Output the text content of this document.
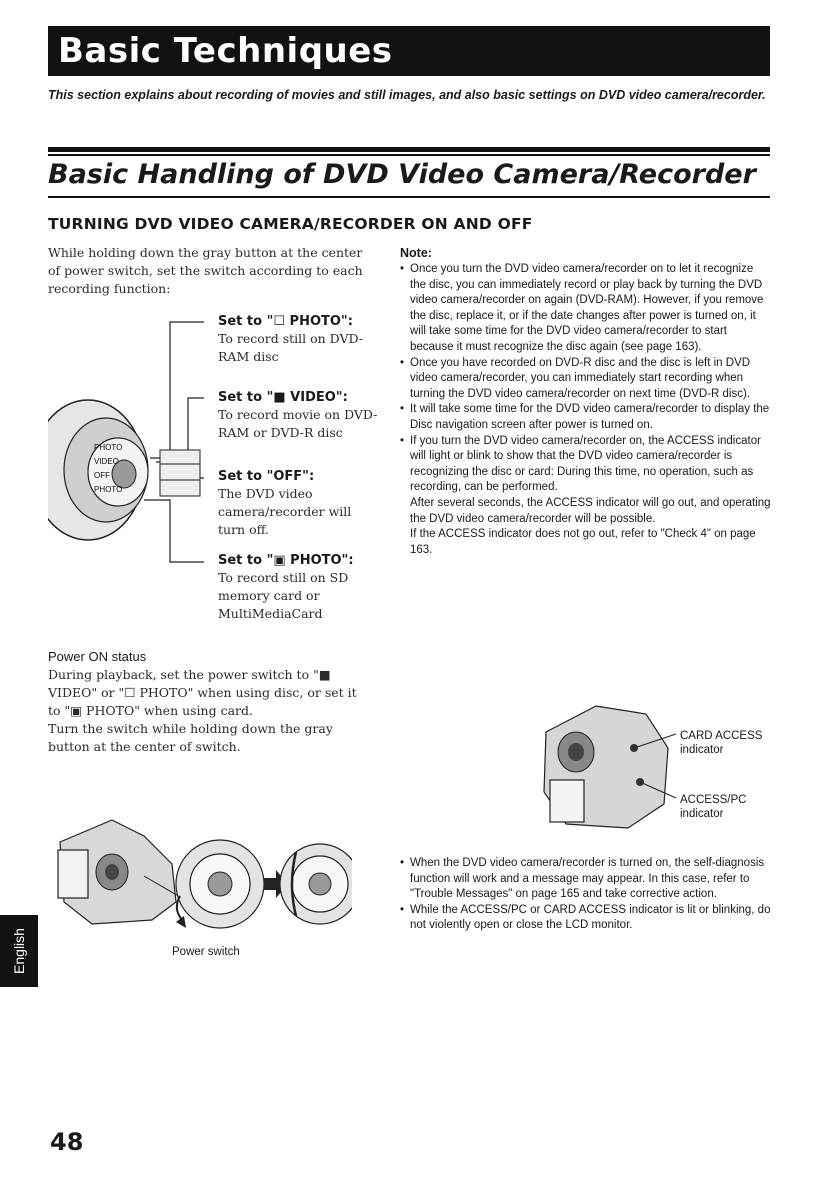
Basic Techniques
This section explains about recording of movies and still images, and also basic settings on DVD video camera/recorder.
Basic Handling of DVD Video Camera/Recorder
TURNING DVD VIDEO CAMERA/RECORDER ON AND OFF
While holding down the gray button at the center of power switch, set the switch according to each recording function:
PHOTO
VIDEO
OFF
PHOTO
Set to "☐ PHOTO":
To record still on DVD-RAM disc
Set to "■ VIDEO":
To record movie on DVD-RAM or DVD-R disc
Set to "OFF":
The DVD video camera/recorder will turn off.
Set to "▣ PHOTO":
To record still on SD memory card or MultiMediaCard
Power ON status
During playback, set the power switch to "■ VIDEO" or "☐ PHOTO" when using disc, or set it to "▣ PHOTO" when using card.
Turn the switch while holding down the gray button at the center of switch.
Power switch
Note:
• Once you turn the DVD video camera/recorder on to let it recognize the disc, you can immediately record or play back by turning the DVD video camera/recorder on again (DVD-RAM). However, if you remove the disc, replace it, or if the date changes after power is turned on, it will take some time for the DVD video camera/recorder to start because it must recognize the disc again (see page 163).
• Once you have recorded on DVD-R disc and the disc is left in DVD video camera/recorder, you can immediately start recording when turning the DVD video camera/recorder on next time (DVD-R disc).
• It will take some time for the DVD video camera/recorder to display the Disc navigation screen after power is turned on.
• If you turn the DVD video camera/recorder on, the ACCESS indicator will light or blink to show that the DVD video camera/recorder is recognizing the disc or card: During this time, no operation, such as recording, can be performed.
After several seconds, the ACCESS indicator will go out, and operating the DVD video camera/recorder will be possible.
If the ACCESS indicator does not go out, refer to "Check 4" on page 163.
CARD ACCESS
indicator
ACCESS/PC
indicator
• When the DVD video camera/recorder is turned on, the self-diagnosis function will work and a message may appear. In this case, refer to "Trouble Messages" on page 165 and take corrective action.
• While the ACCESS/PC or CARD ACCESS indicator is lit or blinking, do not violently open or close the LCD monitor.
English
48
